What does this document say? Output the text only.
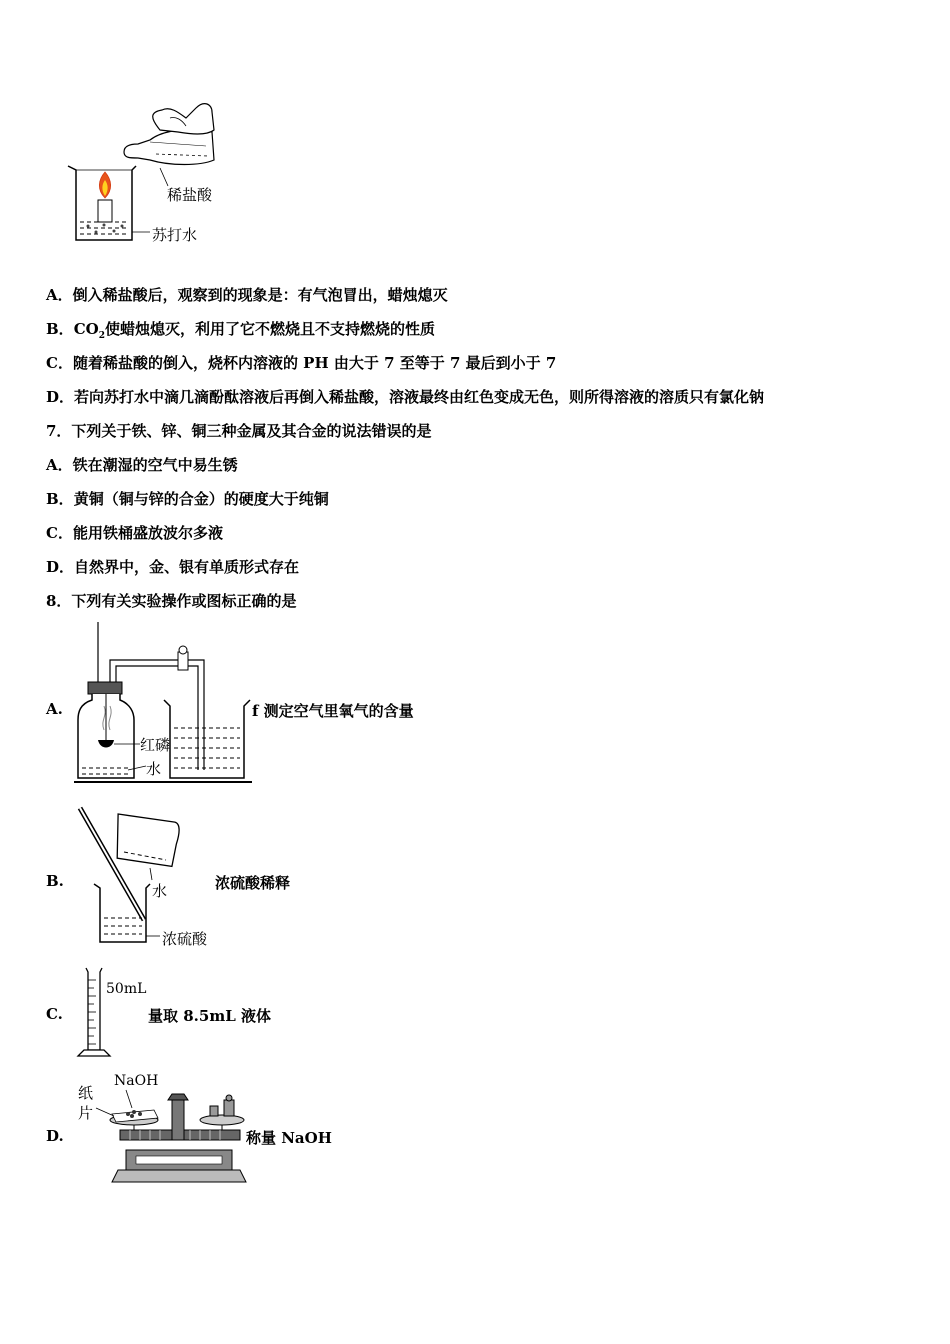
稀盐酸
苏打水
A．倒入稀盐酸后，观察到的现象是：有气泡冒出，蜡烛熄灭
B．$CO_2$使蜡烛熄灭，利用了它不燃烧且不支持燃烧的性质
C．随着稀盐酸的倒入，烧杯内溶液的 PH 由大于 7 至等于 7 最后到小于 7
D．若向苏打水中滴几滴酚酞溶液后再倒入稀盐酸，溶液最终由红色变成无色，则所得溶液的溶质只有氯化钠
7．下列关于铁、锌、铜三种金属及其合金的说法错误的是
A．铁在潮湿的空气中易生锈
B．黄铜（铜与锌的合金）的硬度大于纯铜
C．能用铁桶盛放波尔多液
D．自然界中，金、银有单质形式存在
8．下列有关实验操作或图标正确的是
A.
红磷
水
f 测定空气里氧气的含量
B.
水
浓硫酸
浓硫酸稀释
C.
50mL
量取 8.5mL 液体
D.
NaOH
纸
片
称量 NaOH
